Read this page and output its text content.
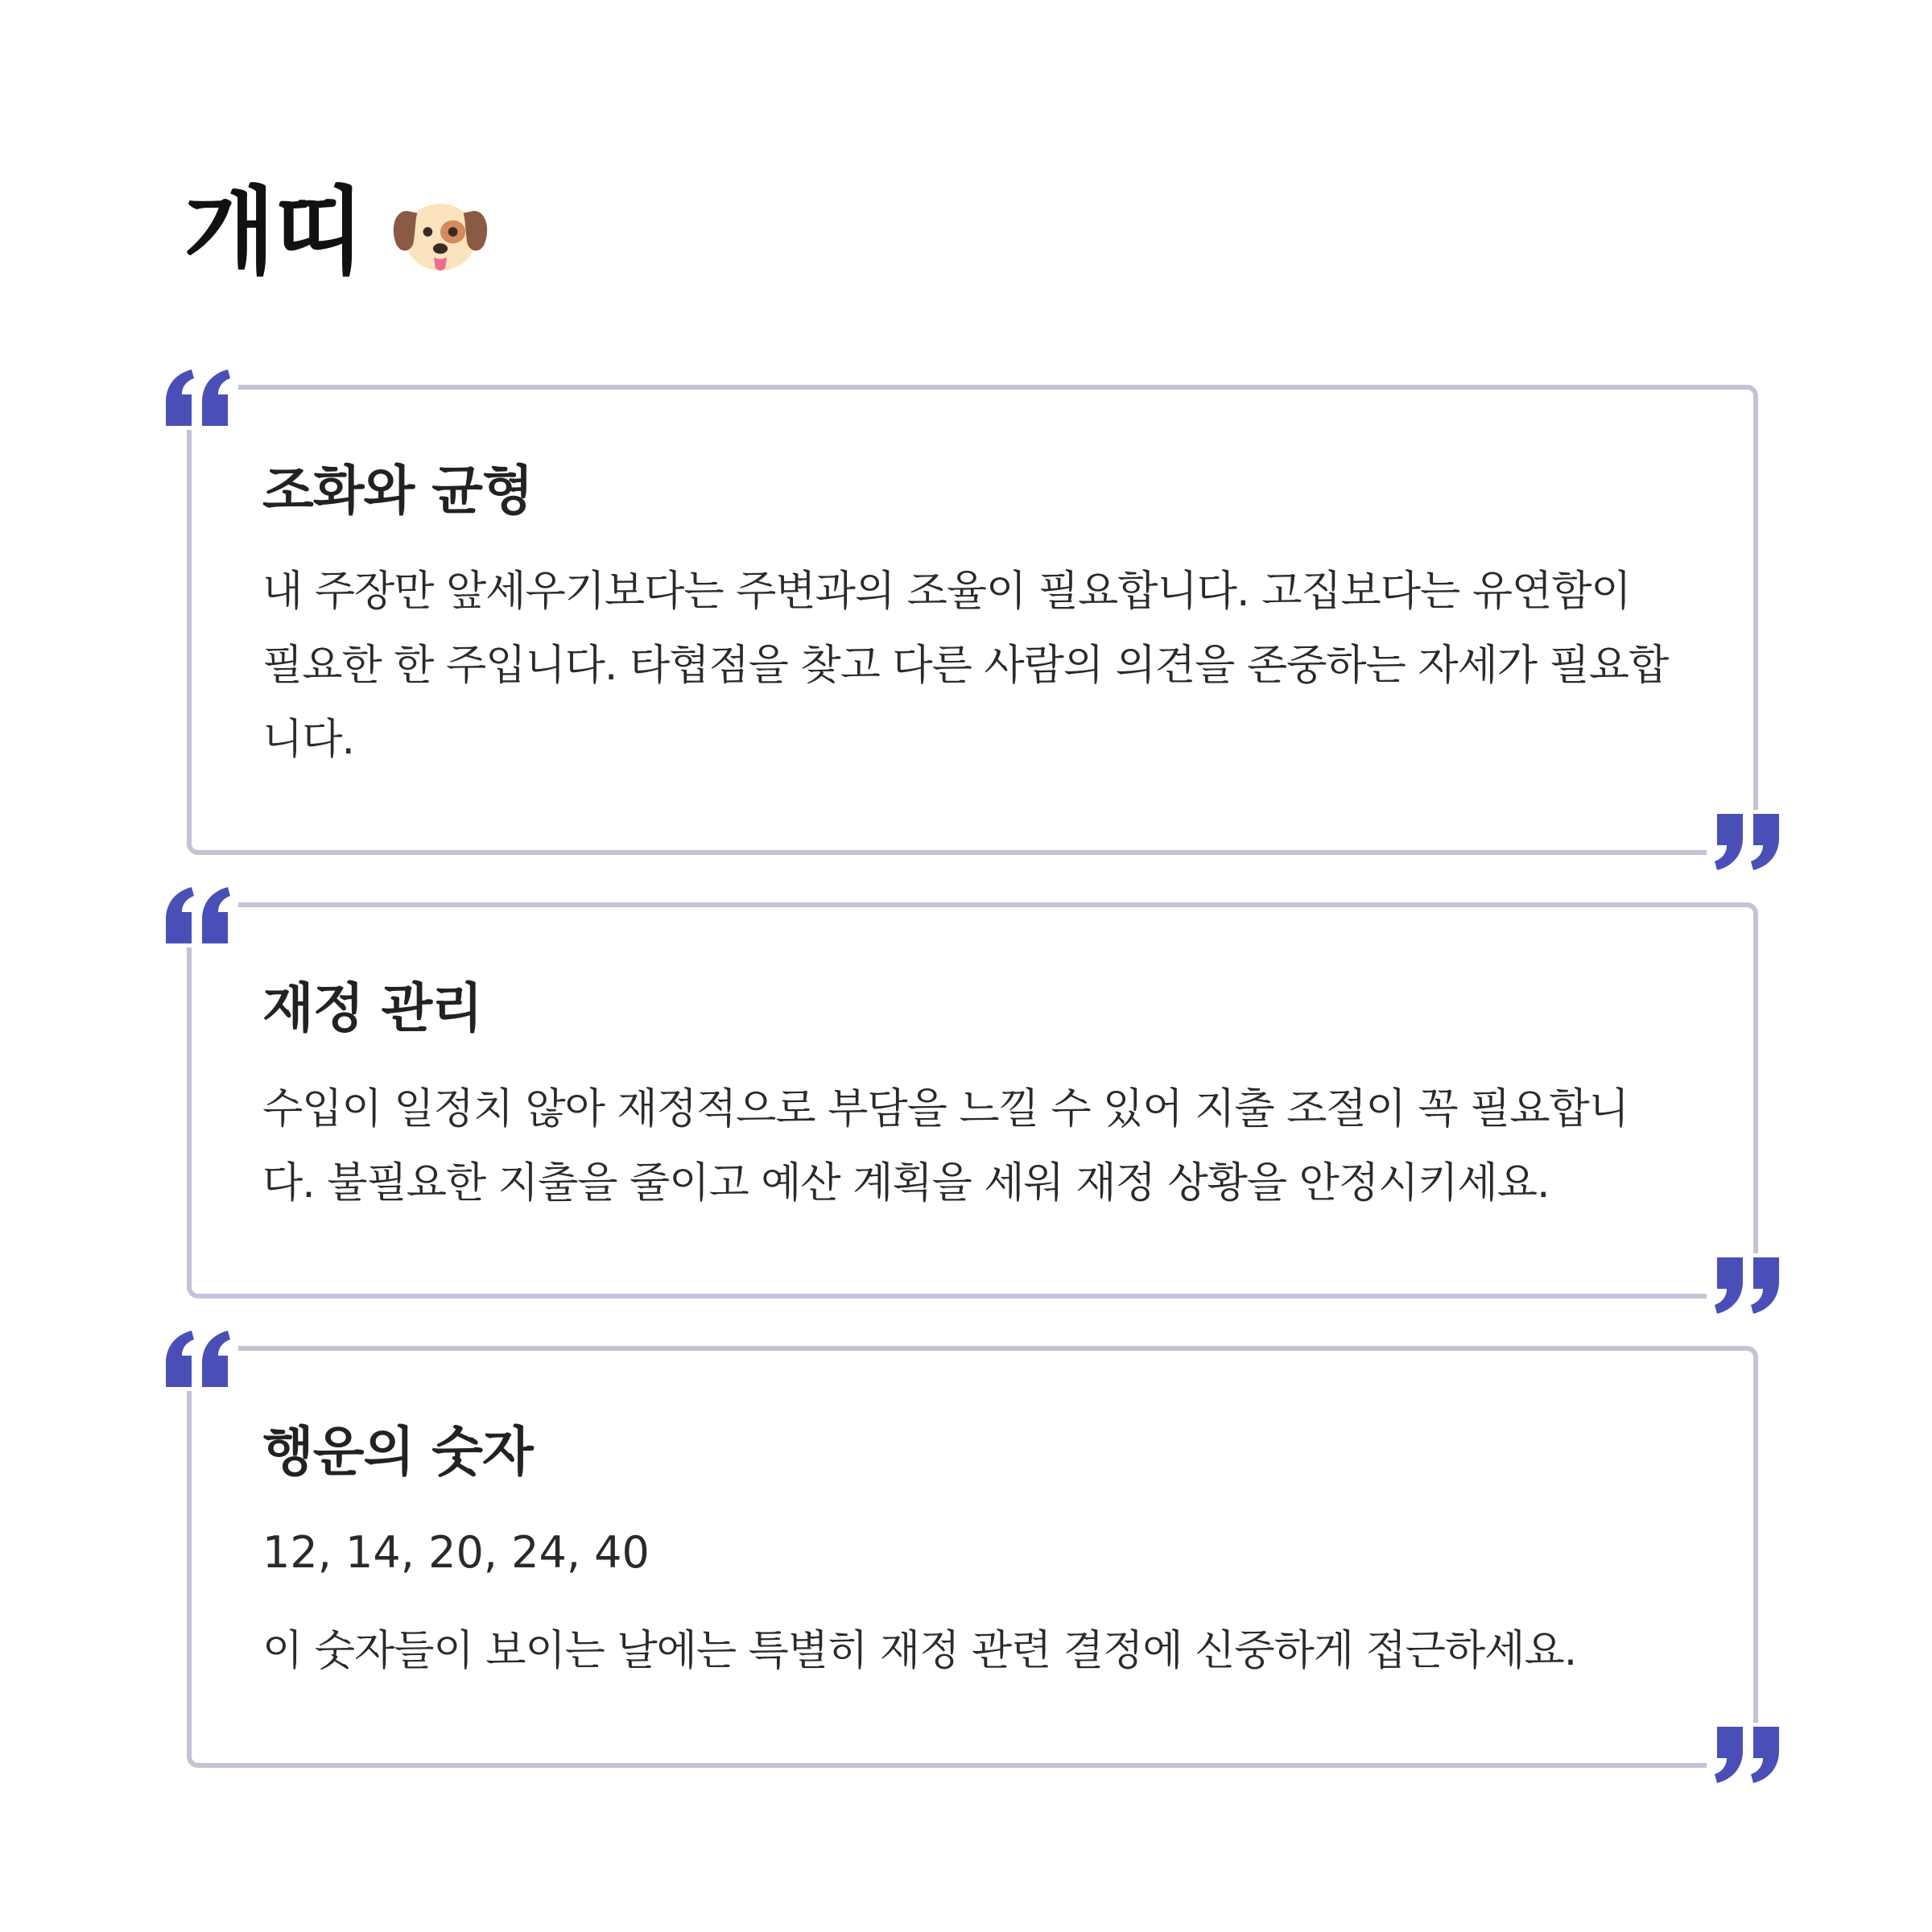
개띠
조화와 균형

내 주장만 앞세우기보다는 주변과의 조율이 필요합니다. 고집보다는 유연함이 필요한 한 주입니다. 타협점을 찾고 다른 사람의 의견을 존중하는 자세가 필요합니다.

재정 관리

수입이 일정치 않아 재정적으로 부담을 느낄 수 있어 지출 조절이 꼭 필요합니다. 불필요한 지출을 줄이고 예산 계획을 세워 재정 상황을 안정시키세요.

행운의 숫자

12, 14, 20, 24, 40

이 숫자들이 보이는 날에는 특별히 재정 관련 결정에 신중하게 접근하세요.
